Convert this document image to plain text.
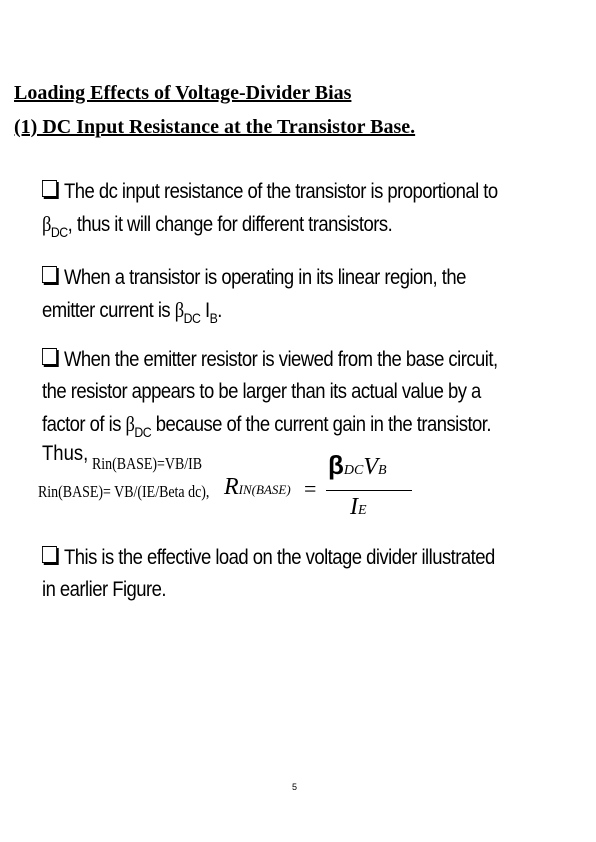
Loading Effects of Voltage-Divider Bias
(1) DC Input Resistance at the Transistor Base.
The dc input resistance of the transistor is proportional to
$\beta_{DC}$, thus it will change for different transistors.
When a transistor is operating in its linear region, the
emitter current is $\beta_{DC}$ $I_B$.
When the emitter resistor is viewed from the base circuit,
the resistor appears to be larger than its actual value by a
factor of is $\beta_{DC}$ because of the current gain in the transistor.
Thus, Rin(BASE)=VB/IB
Rin(BASE)= VB/(IE/Beta dc), RIN(BASE) =
βDCVB
IE
This is the effective load on the voltage divider illustrated
in earlier Figure.
5
